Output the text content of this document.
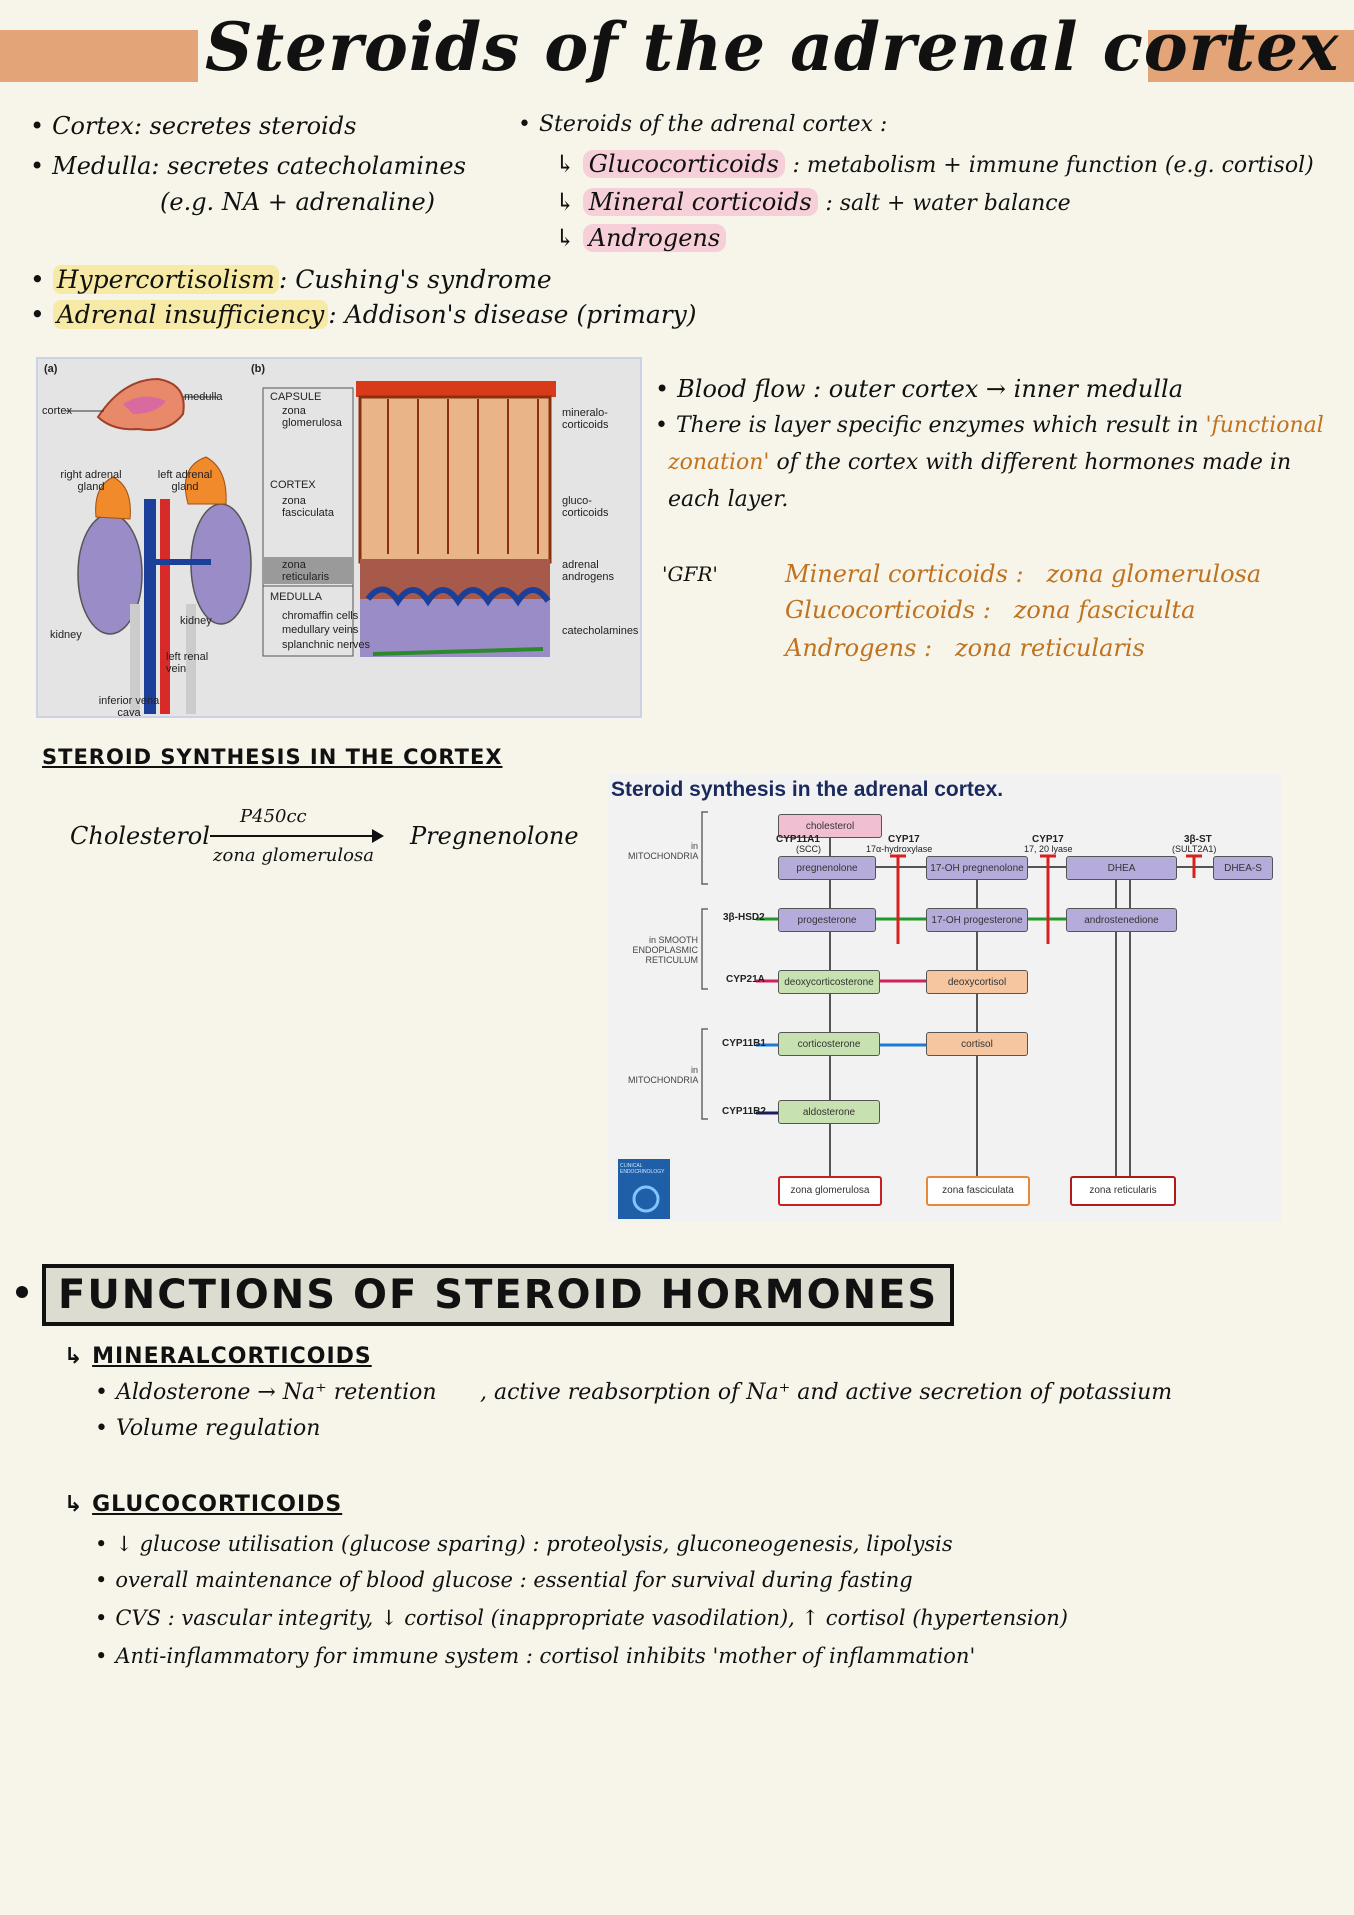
Steroids of the adrenal cortex
• Cortex: secretes steroids
• Medulla: secretes catecholamines
(e.g. NA + adrenaline)
• Steroids of the adrenal cortex :
↳ Glucocorticoids : metabolism + immune function (e.g. cortisol)
↳ Mineral corticoids : salt + water balance
↳ Androgens
• Hypercortisolism : Cushing's syndrome
• Adrenal insufficiency : Addison's disease (primary)
(a)	(b)
medulla
cortex
right adrenal gland
left adrenal gland
kidney
kidney
left renal vein
inferior vena cava
CAPSULE
zona glomerulosa
CORTEX
zona fasciculata
zona reticularis
MEDULLA
chromaffin cells medullary veins splanchnic nerves
mineralo-corticoids
gluco-corticoids
adrenal androgens
catecholamines
• Blood flow : outer cortex → inner medulla
• There is layer specific enzymes which result in 'functional
zonation' of the cortex with different hormones made in
each layer.
'GFR'	Mineral corticoids : zona glomerulosa
Glucocorticoids : zona fasciculta
Androgens : zona reticularis
STEROID SYNTHESIS IN THE CORTEX
Cholesterol
P450cc
zona glomerulosa
Pregnenolone
Steroid synthesis in the adrenal cortex.
cholesterol
pregnenolone	17-OH pregnenolone	DHEA	DHEA-S
progesterone	17-OH progesterone	androstenedione
deoxycorticosterone	deoxycortisol
corticosterone	cortisol
aldosterone
zona glomerulosa	zona fasciculata	zona reticularis
CYP11A1
(SCC)
CYP17
17α-hydroxylase
CYP17
17, 20 lyase
3β-ST
(SULT2A1)
3β-HSD2
CYP21A
CYP11B1
CYP11B2
in MITOCHONDRIA
in SMOOTH ENDOPLASMIC RETICULUM
in MITOCHONDRIA
CLINICAL ENDOCRINOLOGY
FUNCTIONS OF STEROID HORMONES
↳ MINERALCORTICOIDS
• Aldosterone → Na⁺ retention , active reabsorption of Na⁺ and active secretion of potassium
• Volume regulation
↳ GLUCOCORTICOIDS
• ↓ glucose utilisation (glucose sparing) : proteolysis, gluconeogenesis, lipolysis
• overall maintenance of blood glucose : essential for survival during fasting
• CVS : vascular integrity, ↓ cortisol (inappropriate vasodilation), ↑ cortisol (hypertension)
• Anti-inflammatory for immune system : cortisol inhibits 'mother of inflammation'
